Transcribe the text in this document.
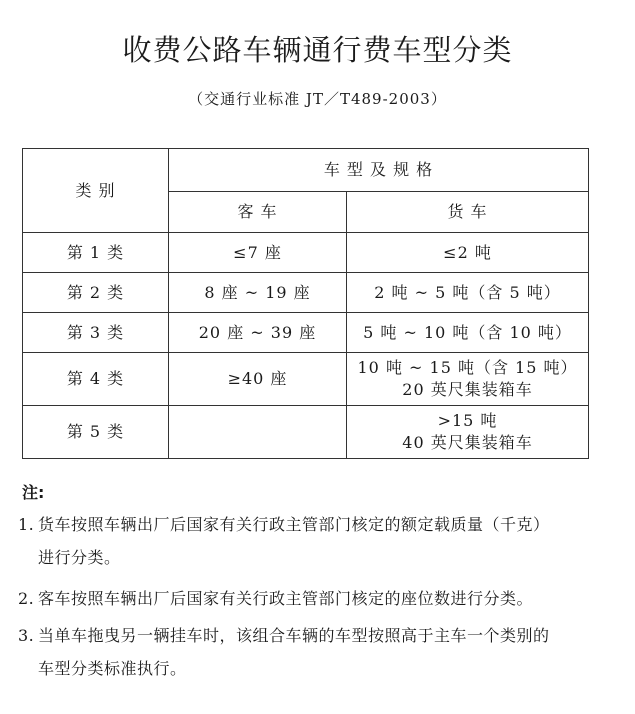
收费公路车辆通行费车型分类
（交通行业标准 JT／T489-2003）
类 别	车 型 及 规 格	
	客 车	货 车
第 1 类	≤7 座	≤2 吨

第 2 类	8 座 ~ 19 座	2 吨 ~ 5 吨（含 5 吨）

第 3 类	20 座 ~ 39 座	5 吨 ~ 10 吨（含 10 吨）

第 4 类	≥40 座	10 吨 ~ 15 吨（含 15 吨）
20 英尺集装箱车

第 5 类		>15 吨
40 英尺集装箱车
注:
1. 货车按照车辆出厂后国家有关行政主管部门核定的额定载质量（千克）
进行分类。
2. 客车按照车辆出厂后国家有关行政主管部门核定的座位数进行分类。
3. 当单车拖曳另一辆挂车时，该组合车辆的车型按照高于主车一个类别的
车型分类标准执行。
